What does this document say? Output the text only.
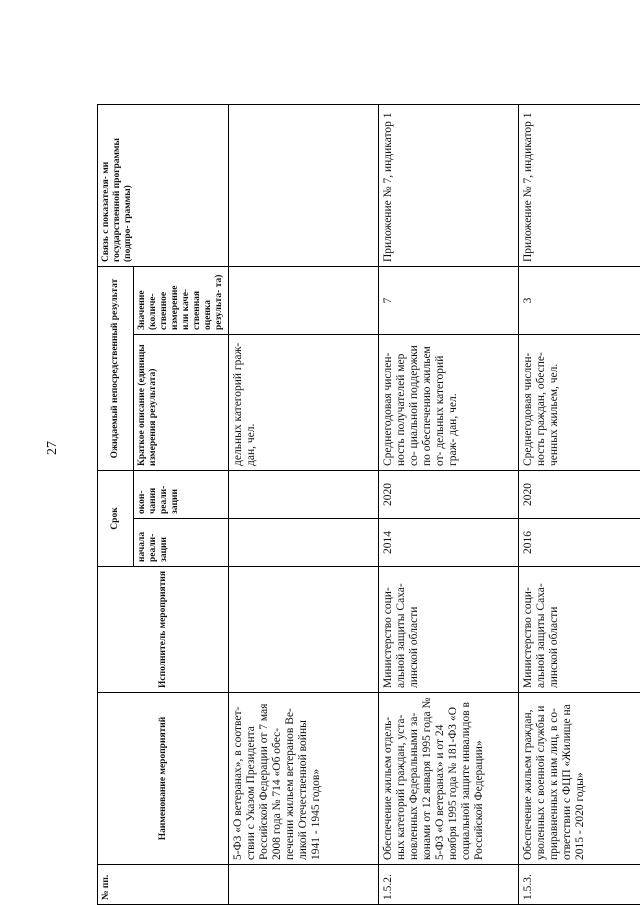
27
№ пп.	Наименование мероприятий	Исполнитель мероприятия	Срок		Ожидаемый непосредственный результат		Связь с показателя- ми государственной программы (подпро- граммы)
			начала реали- зации	окон- чания реали- зации	Краткое описание (единицы измерения результата)	Значение (количе- ственное измерение или каче- ственная оценка результа- та)	
	5-ФЗ «О ветеранах», в соответ- ствии с Указом Президента Российской Федерации от 7 мая 2008 года № 714 «Об обес- печении жильем ветеранов Ве- ликой Отечественной войны 1941 - 1945 годов»				дельных категорий граж- дан, чел.		
1.5.2.	Обеспечение жильем отдель- ных категорий граждан, уста- новленных Федеральными за- конами от 12 января 1995 года № 5-ФЗ «О ветеранах» и от 24 ноября 1995 года № 181-ФЗ «О социальной защите инвалидов в Российской Федерации»	Министерство соци- альной защиты Саха- линской области	2014	2020	Среднегодовая числен- ность получателей мер со- циальной поддержки по обеспечению жильем от- дельных категорий граж- дан, чел.	7	Приложение № 7, индикатор 1
1.5.3.	Обеспечение жильем граждан, уволенных с военной службы и приравненных к ним лиц, в со- ответствии с ФЦП «Жилище на 2015 - 2020 годы»	Министерство соци- альной защиты Саха- линской области	2016	2020	Среднегодовая числен- ность граждан, обеспе- ченных жильем, чел.	3	Приложение № 7, индикатор 1
